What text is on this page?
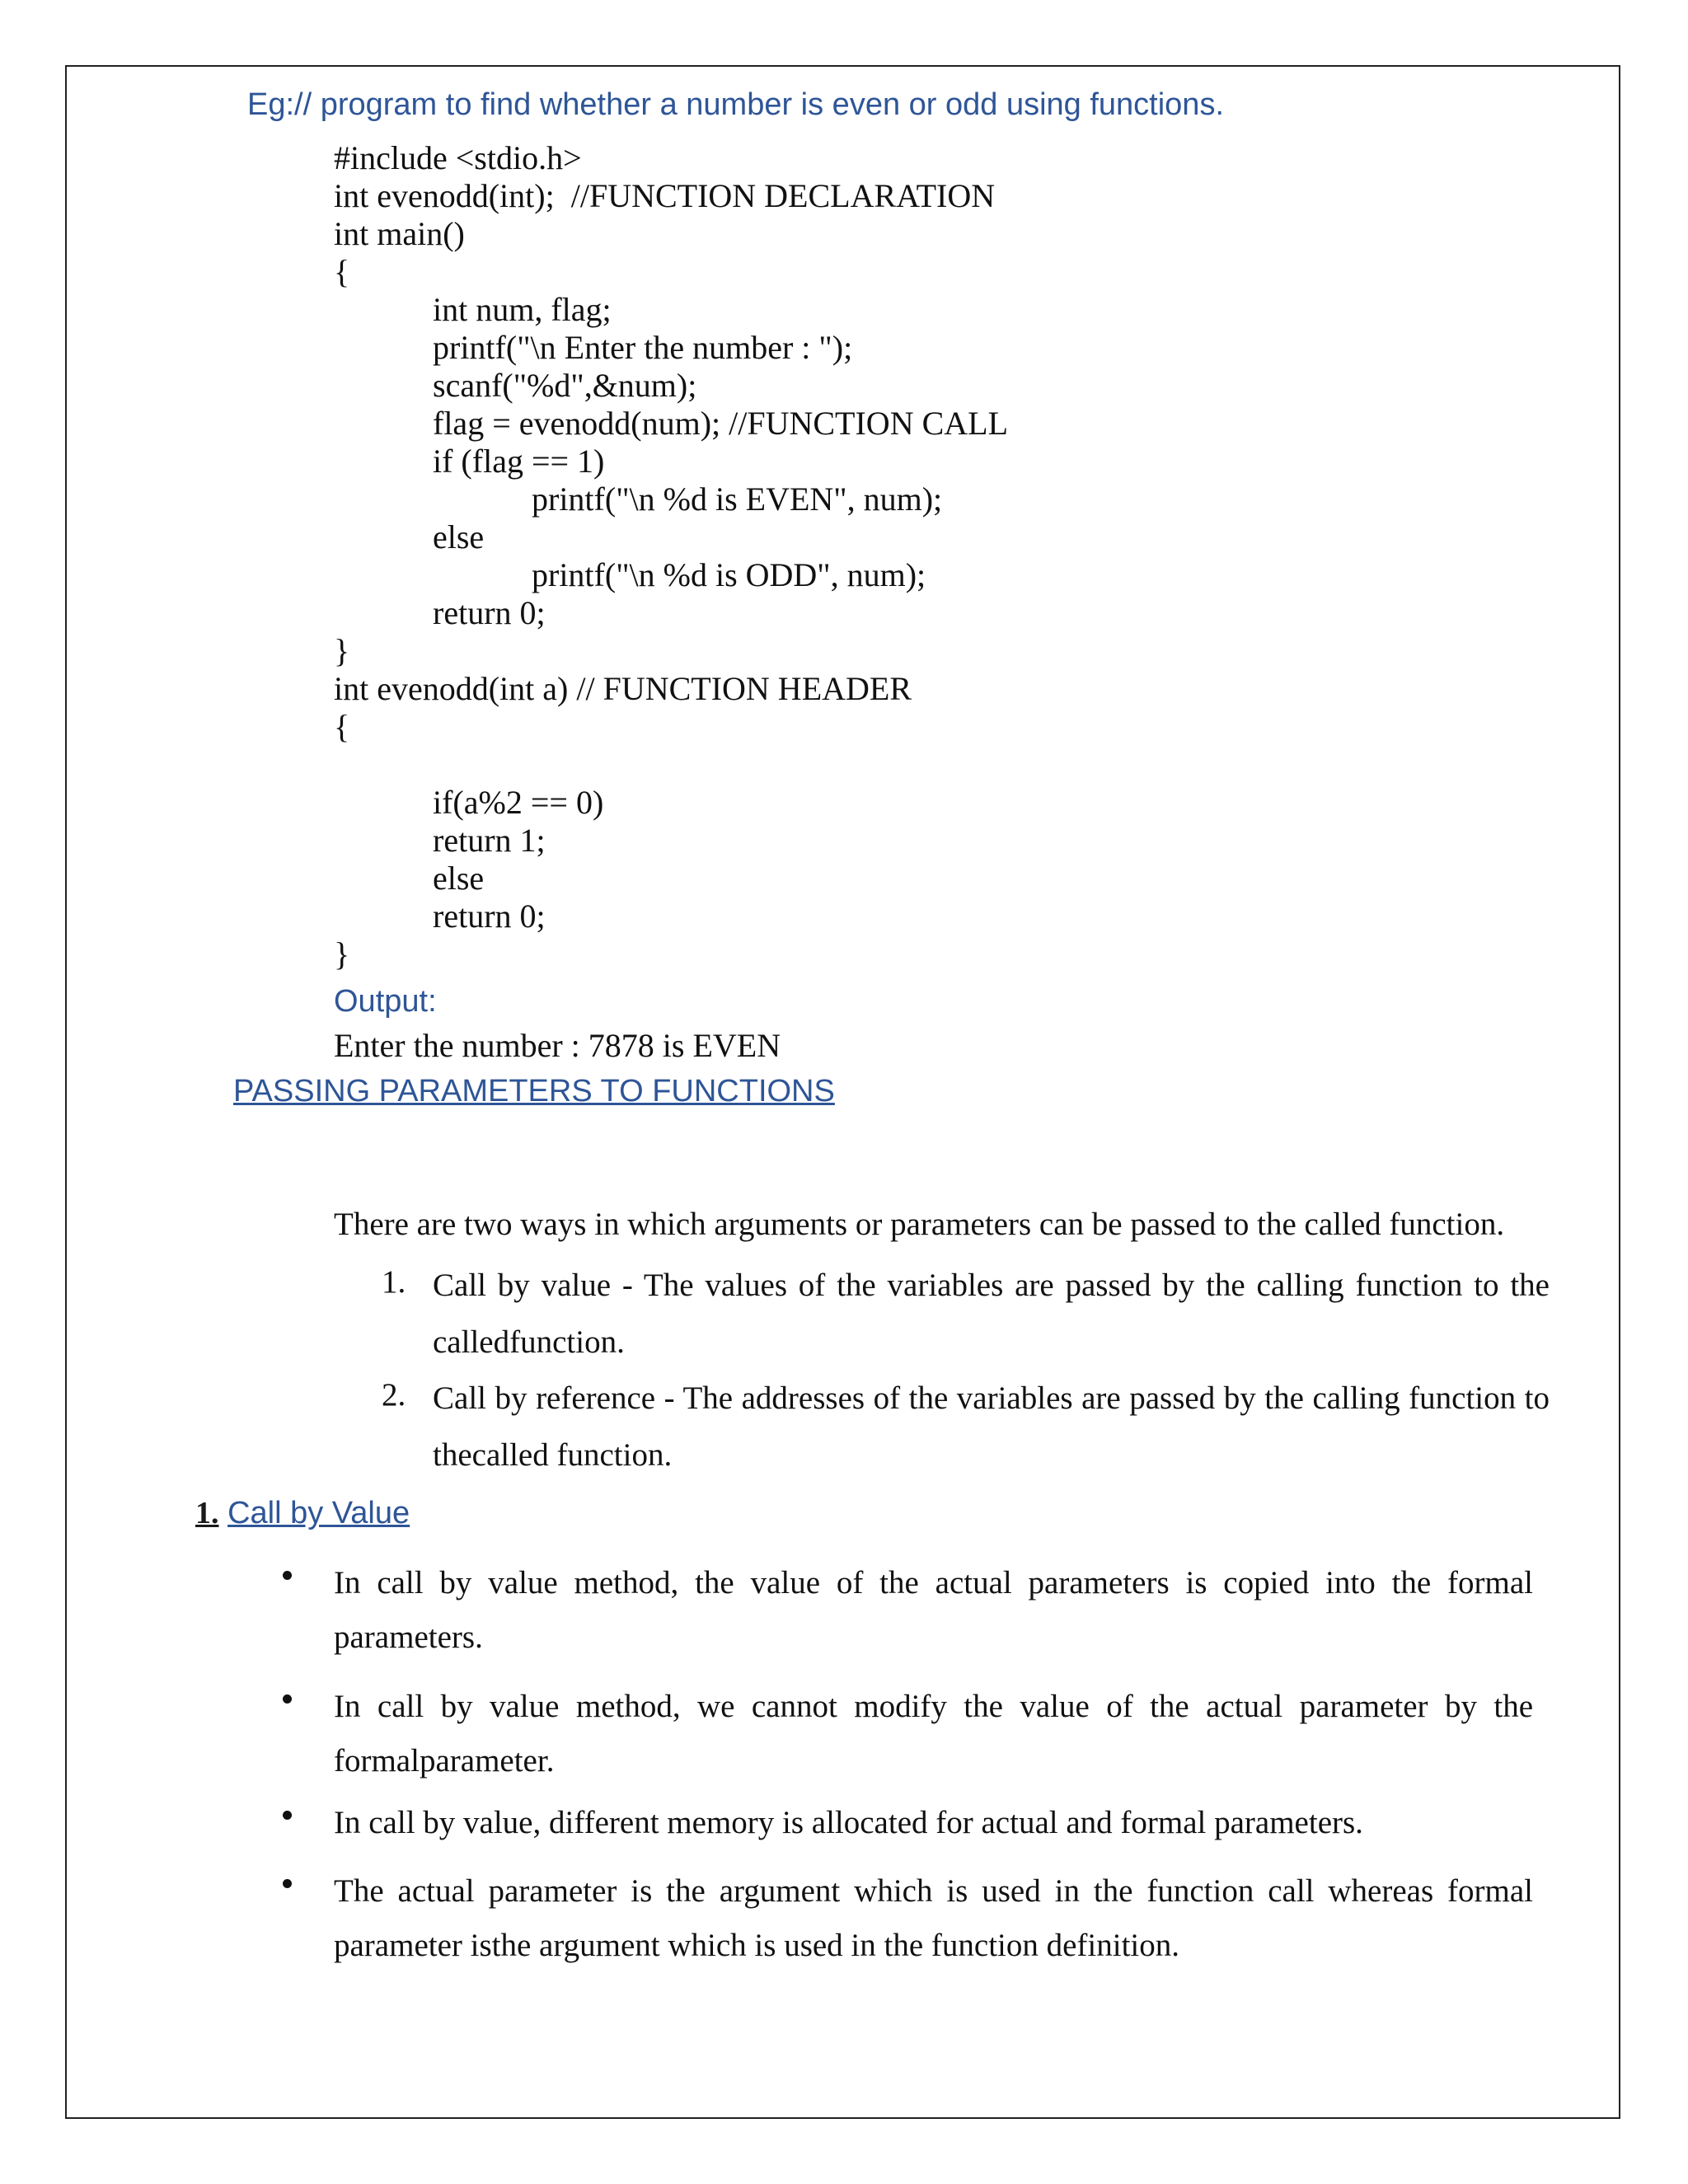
Eg:// program to find whether a number is even or odd using functions.
#include <stdio.h>
int evenodd(int);  //FUNCTION DECLARATION
int main()
{
int num, flag;
printf("\n Enter the number : ");
scanf("%d",&num);
flag = evenodd(num); //FUNCTION CALL
if (flag == 1)
printf("\n %d is EVEN", num);
else
printf("\n %d is ODD", num);
return 0;
}
int evenodd(int a) // FUNCTION HEADER
{
if(a%2 == 0)
return 1;
else
return 0;
}
Output:
Enter the number : 7878 is EVEN
PASSING PARAMETERS TO FUNCTIONS
There are two ways in which arguments or parameters can be passed to the called function.
1. Call by value - The values of the variables are passed by the calling function to the calledfunction.
2. Call by reference - The addresses of the variables are passed by the calling function to thecalled function.
1. Call by Value
In call by value method, the value of the actual parameters is copied into the formal parameters.
In call by value method, we cannot modify the value of the actual parameter by the formalparameter.
In call by value, different memory is allocated for actual and formal parameters.
The actual parameter is the argument which is used in the function call whereas formal parameter isthe argument which is used in the function definition.
